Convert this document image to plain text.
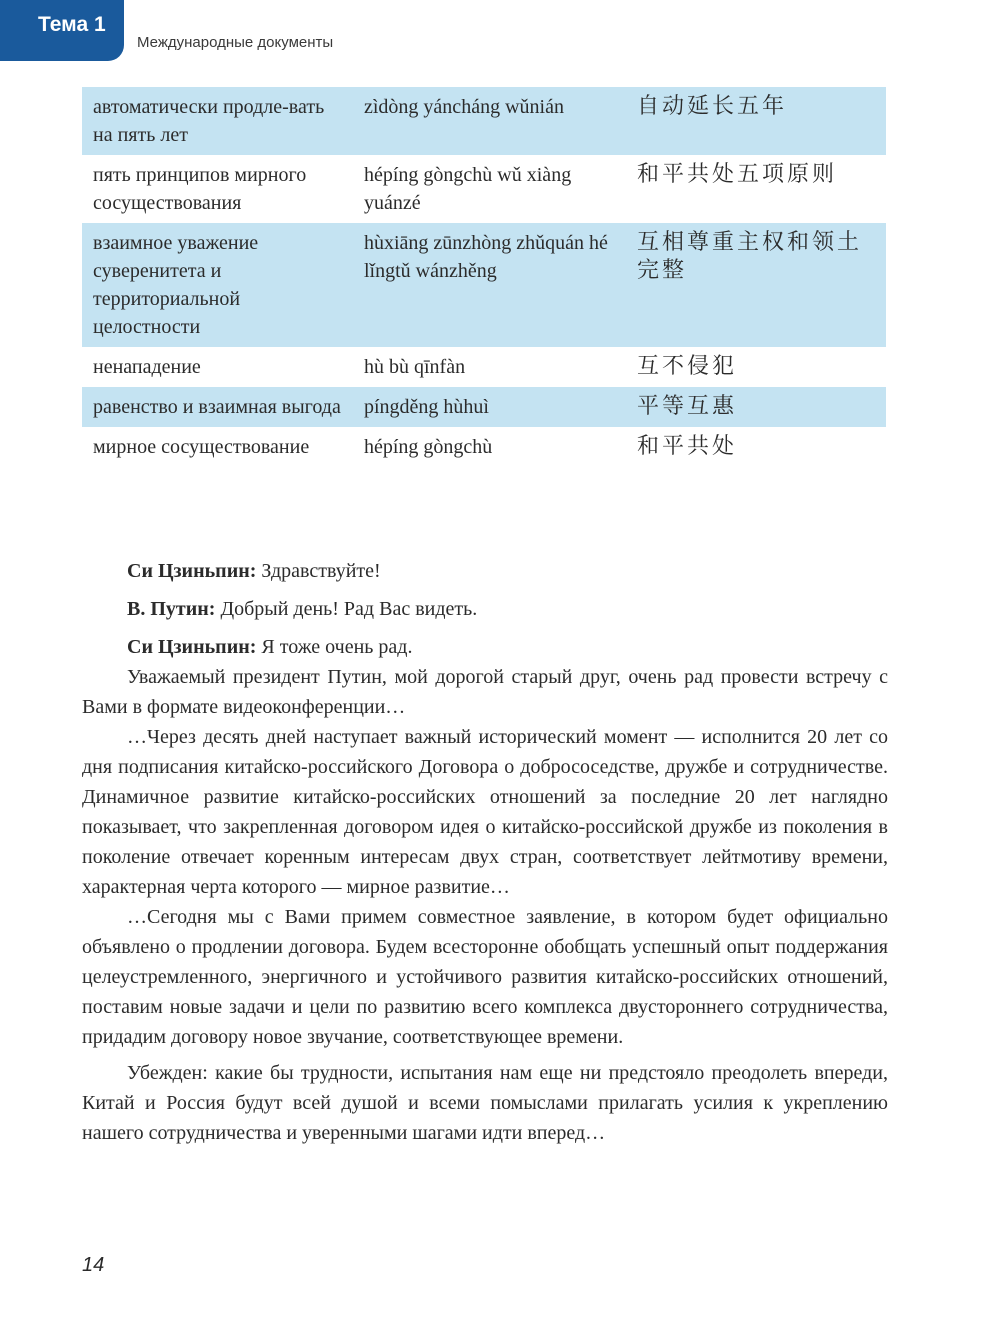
Тема 1
Международные документы
автоматически продле-вать на пять лет	zìdòng yáncháng wǔnián	自动延长五年
пять принципов мирного сосуществования	hépíng gòngchù wǔ xiàng yuánzé	和平共处五项原则
взаимное уважение суверенитета и территориальной целостности	hùxiāng zūnzhòng zhǔquán hé lǐngtǔ wánzhěng	互相尊重主权和领土完整
ненападение	hù bù qīnfàn	互不侵犯
равенство и взаимная выгода	píngděng hùhuì	平等互惠
мирное сосуществование	hépíng gòngchù	和平共处

Си Цзиньпин: Здравствуйте!

В. Путин: Добрый день! Рад Вас видеть.

Си Цзиньпин: Я тоже очень рад.

Уважаемый президент Путин, мой дорогой старый друг, очень рад провести встречу с Вами в формате видеоконференции…

…Через десять дней наступает важный исторический момент — исполнится 20 лет со дня подписания китайско-российского Договора о добрососедстве, дружбе и сотрудничестве. Динамичное развитие китайско-российских отношений за последние 20 лет наглядно показывает, что закрепленная договором идея о китайско-российской дружбе из поколения в поколение отвечает коренным интересам двух стран, соответствует лейтмотиву времени, характерная черта которого — мирное развитие…

…Сегодня мы с Вами примем совместное заявление, в котором будет официально объявлено о продлении договора. Будем всесторонне обобщать успешный опыт поддержания целеустремленного, энергичного и устойчивого развития китайско-российских отношений, поставим новые задачи и цели по развитию всего комплекса двустороннего сотрудничества, придадим договору новое звучание, соответствующее времени.

Убежден: какие бы трудности, испытания нам еще ни предстояло преодолеть впереди, Китай и Россия будут всей душой и всеми помыслами прилагать усилия к укреплению нашего сотрудничества и уверенными шагами идти вперед…

14
